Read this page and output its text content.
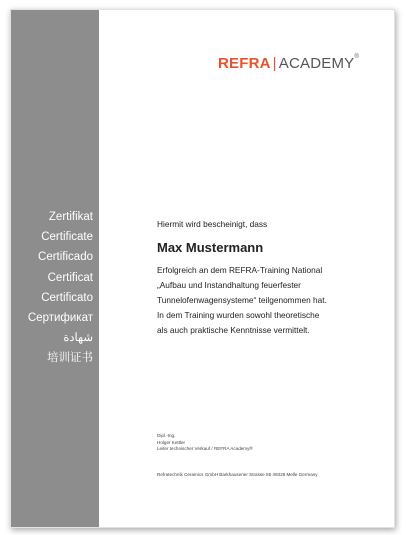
Zertifikat
Certificate
Certificado
Certificat
Certificato
Сертификат
شهادة
培训证书
REFRA | ACADEMY®
Hiermit wird bescheinigt, dass
Max Mustermann
Erfolgreich an dem REFRA-Training National
„Aufbau und Instandhaltung feuerfester
Tunnelofenwagensysteme“ teilgenommen hat.
In dem Training wurden sowohl theoretische
als auch praktische Kenntnisse vermittelt.
Dipl.-Ing.
Holger Kettler
Leiter technischer Verkauf / REFRA Academy®
Refratechnik Ceramics GmbH Barkhausener Strasse 55 49328 Melle Germany
